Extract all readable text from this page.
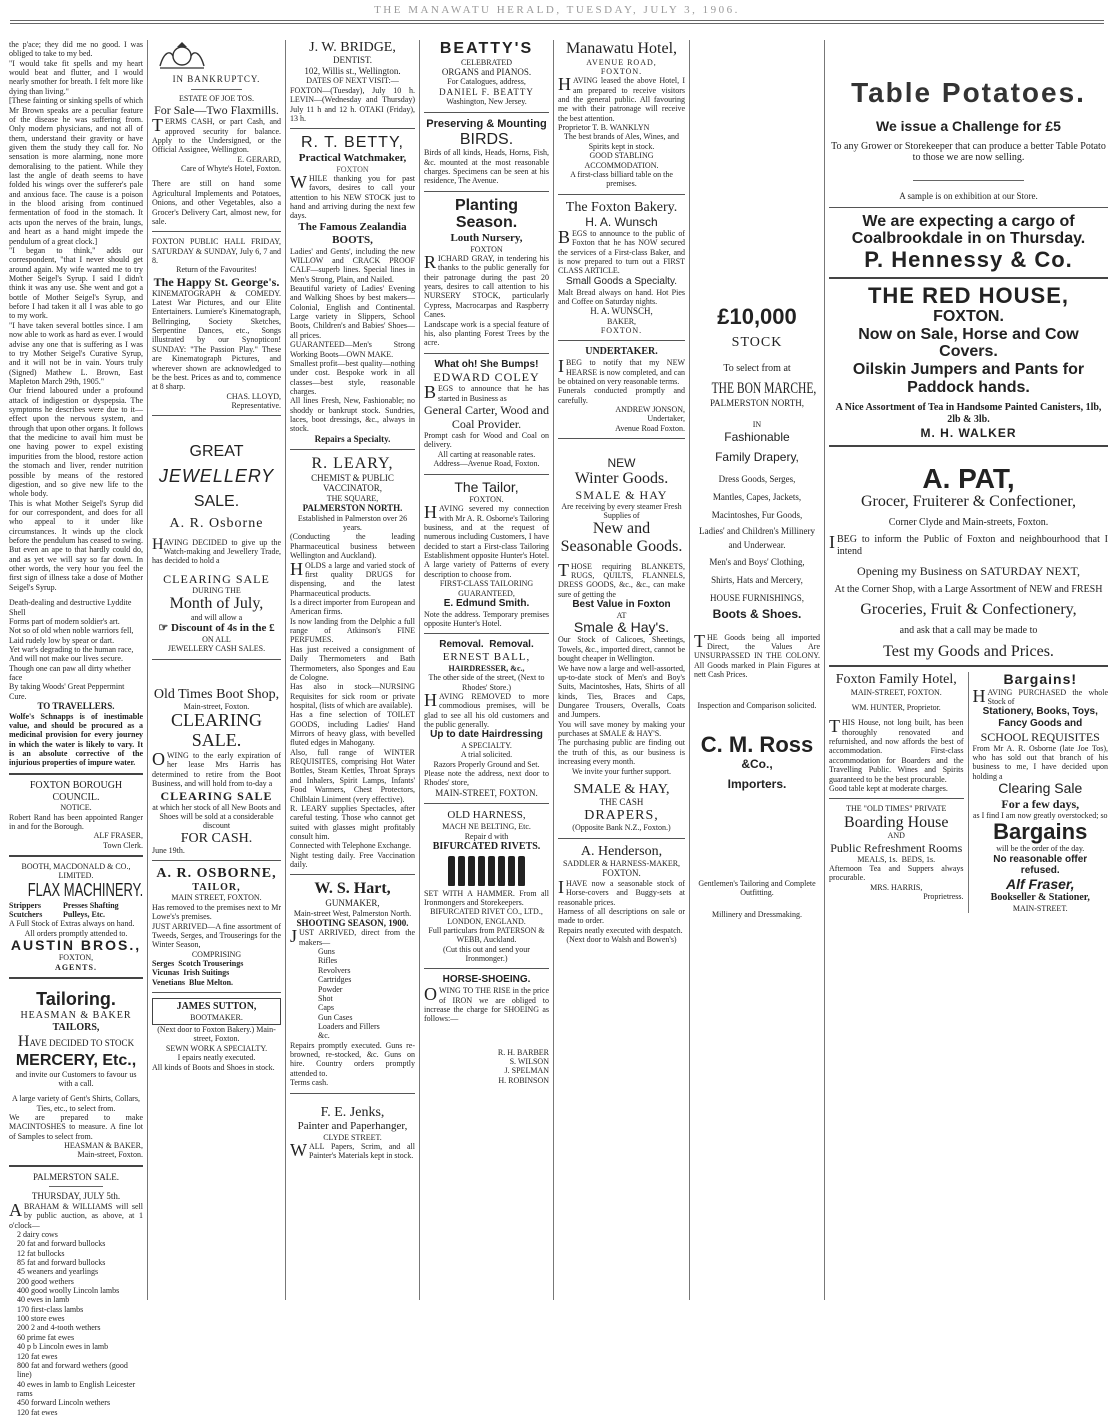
THE MANAWATU HERALD, TUESDAY, JULY 3, 1906.

the p'ace; they did me no good. I was obliged to take to my bed.

"I would take fit spells and my heart would beat and flutter, and I would nearly smother for breath. I felt more like dying than living."

[These fainting or sinking spells of which Mr Brown speaks are a peculiar feature of the disease he was suffering from. Only modern physicians, and not all of them, understand their gravity or have given them the study they call for. No sensation is more alarming, none more demoralising to the patient. While they last the angle of death seems to have folded his wings over the sufferer's pale and anxious face. The cause is a poison in the blood arising from continued fermentation of food in the stomach. It acts upon the nerves of the brain, lungs, and heart as a hand might impede the pendulum of a great clock.]

"I began to think," adds our correspondent, "that I never should get around again. My wife wanted me to try Mother Seigel's Syrup. I said I didn't think it was any use. She went and got a bottle of Mother Seigel's Syrup, and before I had taken it all I was able to go to my work.

"I have taken several bottles since. I am now able to work as hard as ever. I would advise any one that is suffering as I was to try Mother Seigel's Curative Syrup, and it will not be in vain. Yours truly (Signed) Mathew L. Brown, East Mapleton March 29th, 1905."

Our friend laboured under a profound attack of indigestion or dyspepsia. The symptoms he describes were due to it—effect upon the nervous system, and through that upon other organs. It follows that the medicine to avail him must be one having power to expel existing impurities from the blood, restore action the stomach and liver, render nutrition possible by means of the restored digestion, and so give new life to the whole body.

This is what Mother Seigel's Syrup did for our correspondent, and does for all who appeal to it under like circumstances. It winds up the clock before the pendulum has ceased to swing. But even an ape to that hardly could do, and as yet we will say so far down. In other words, the very hour you feel the first sign of illness take a dose of Mother Seigel's Syrup.

Death-dealing and destructive Lyddite Shell
Forms part of modern soldier's art.
Not so of old when noble warriors fell,
Laid rudely low by spear or dart.
Yet war's degrading to the human race,
And will not make our lives secure.
Though one can paw all dirty whether face
By taking Woods' Great Peppermint Cure.
TO TRAVELLERS.

Wolfe's Schnapps is of inestimable value, and should be procured as a medicinal provision for every journey in which the water is likely to vary. It is an absolute corrective of the injurious properties of impure water.

FOXTON BOROUGH COUNCIL.
NOTICE.

Robert Rand has been appointed Ranger in and for the Borough.

ALF FRASER,
Town Clerk.
BOOTH, MACDONALD & CO., LIMITED.
FLAX MACHINERY.
Strippers Scutchers
Presses Shafting Pulleys, Etc.

A Full Stock of Extras always on hand.

All orders promptly attended to.

AUSTIN BROS.,
FOXTON,
AGENTS.
Tailoring.
HEASMAN & BAKER
TAILORS,
HAVE DECIDED TO STOCK
MERCERY, Etc.,

and invite our Customers to favour us with a call.

A large variety of Gent's Shirts, Collars, Ties, etc., to select from.

We are prepared to make MACINTOSHES to measure. A fine lot of Samples to select from.

HEASMAN & BAKER,
Main-street, Foxton.
PALMERSTON SALE.
THURSDAY, JULY 5th.

ABRAHAM & WILLIAMS will sell by public auction, as above, at 1 o'clock—

2 dairy cows
20 fat and forward bullocks
12 fat bullocks
85 fat and forward bullocks
45 weaners and yearlings
200 good wethers
400 good woolly Lincoln lambs
40 ewes in lamb
170 first-class lambs
100 store ewes
200 2 and 4-tooth wethers
60 prime fat ewes
40 p b Lincoln ewes in lamb
120 fat ewes
800 fat and forward wethers (good line)
40 ewes in lamb to English Leicester rams
450 forward Lincoln wethers
120 fat ewes
IN BANKRUPTCY.
ESTATE OF JOE TOS.
For Sale—Two Flaxmills.

TERMS CASH, or part Cash, and approved security for balance. Apply to the Undersigned, or the Official Assignee, Wellington.

E. GERARD,
Care of Whyte's Hotel, Foxton.

There are still on hand some Agricultural Implements and Potatoes, Onions, and other Vegetables, also a Grocer's Delivery Cart, almost new, for sale.

FOXTON PUBLIC HALL FRIDAY, SATURDAY & SUNDAY, July 6, 7 and 8.

Return of the Favourites!
The Happy St. George's.

KINEMATOGRAPH & COMEDY. Latest War Pictures, and our Elite Entertainers. Lumiere's Kinematograph, Bellringing, Society Sketches, Serpentine Dances, etc., Songs illustrated by our Synopticon! SUNDAY: "The Passion Play." These are Kinematograph Pictures, and wherever shown are acknowledged to be the best. Prices as and to, commence at 8 sharp.

CHAS. LLOYD,
Representative.
GREAT
JEWELLERY
SALE.
A. R. Osborne

HAVING DECIDED to give up the Watch-making and Jewellery Trade, has decided to hold a

CLEARING SALE
DURING THE
Month of July,
and will allow a
☞ Discount of 4s in the £
ON ALL
JEWELLERY CASH SALES.
Old Times Boot Shop,
Main-street, Foxton.
CLEARING SALE.

OWING to the early expiration of her lease Mrs Harris has determined to retire from the Boot Business, and will hold from to-day a

CLEARING SALE

at which her stock of all New Boots and Shoes will be sold at a considerable discount

FOR CASH.
June 19th.
A. R. OSBORNE,
TAILOR,
MAIN STREET, FOXTON.

Has removed to the premises next to Mr Lowe's's premises.

JUST ARRIVED—A fine assortment of Tweeds, Serges, and Trouserings for the Winter Season,

COMPRISING
Serges  Scotch Trouserings
Vicunas  Irish Suitings
Venetians  Blue Melton.
JAMES SUTTON,
BOOTMAKER.

(Next door to Foxton Bakery.) Main-street, Foxton.

SEWN WORK A SPECIALTY.
I epairs neatly executed.
All kinds of Boots and Shoes in stock.
J. W. BRIDGE,
DENTIST.
102, Willis st., Wellington.
DATES OF NEXT VISIT:—

FOXTON—(Tuesday), July 10 h. LEVIN—(Wednesday and Thursday) July 11 h and 12 h. OTAKI (Friday), 13 h.

R. T. BETTY,
Practical Watchmaker,
FOXTON

WHILE thanking you for past favors, desires to call your attention to his NEW STOCK just to hand and arriving during the next few days.

The Famous Zealandia BOOTS,

Ladies' and Gents', including the new WILLOW and CRACK PROOF CALF—superb lines. Special lines in Men's Strong, Plain, and Nailed.

Beautiful variety of Ladies' Evening and Walking Shoes by best makers—Colonial, English and Continental. Large variety in Slippers, School Boots, Children's and Babies' Shoes—all prices.

GUARANTEED—Men's Strong Working Boots—OWN MAKE.

Smallest profit—best quality—nothing under cost. Bespoke work in all classes—best style, reasonable charges.

All lines Fresh, New, Fashionable; no shoddy or bankrupt stock. Sundries, laces, boot dressings, &c., always in stock.

Repairs a Specialty.
R. LEARY,
CHEMIST & PUBLIC VACCINATOR,
THE SQUARE,
PALMERSTON NORTH.

Established in Palmerston over 26 years.

(Conducting the leading Pharmaceutical business between Wellington and Auckland).

HOLDS a large and varied stock of first quality DRUGS for dispensing, and the latest Pharmaceutical products.

Is a direct importer from European and American firms.

Is now landing from the Delphic a full range of Atkinson's FINE PERFUMES.

Has just received a consignment of Daily Thermometers and Bath Thermometers, also Sponges and Eau de Cologne.

Has also in stock—NURSING Requisites for sick room or private hospital, (lists of which are available).

Has a fine selection of TOILET GOODS, including Ladies' Hand Mirrors of heavy glass, with bevelled fluted edges in Mahogany.

Also, full range of WINTER REQUISITES, comprising Hot Water Bottles, Steam Kettles, Throat Sprays and Inhalers, Spirit Lamps, Infants' Food Warmers, Chest Protectors, Chilblain Liniment (very effective).

R. LEARY supplies Spectacles, after careful testing. Those who cannot get suited with glasses might profitably consult him.

Connected with Telephone Exchange.

Night testing daily. Free Vaccination daily.

W. S. Hart,
GUNMAKER,
Main-street West, Palmerston North.
SHOOTING SEASON, 1900.

JUST ARRIVED, direct from the makers—

Guns
Rifles
Revolvers
Cartridges
Powder
Shot
Caps
Gun Cases
Loaders and Fillers
&c.

Repairs promptly executed. Guns re-browned, re-stocked, &c. Guns on hire. Country orders promptly attended to.

Terms cash.
F. E. Jenks,
Painter and Paperhanger,
CLYDE STREET.

WALL Papers, Scrim, and all Painter's Materials kept in stock.

BEATTY'S
CELEBRATED
ORGANS and PIANOS.
For Catalogues, address,
DANIEL F. BEATTY
Washington, New Jersey.
Preserving & Mounting
BIRDS.

Birds of all kinds, Heads, Horns, Fish, &c. mounted at the most reasonable charges. Specimens can be seen at his residence, The Avenue.

Planting Season.
Louth Nursery,
FOXTON

RICHARD GRAY, in tendering his thanks to the public generally for their patronage during the past 20 years, desires to call attention to his NURSERY STOCK, particularly Cypress, Macrocarpas and Raspberry Canes.

Landscape work is a special feature of his, also planting Forest Trees by the acre.

What oh! She Bumps!
EDWARD COLEY

BEGS to announce that he has started in Business as

General Carter, Wood and Coal Provider.

Prompt cash for Wood and Coal on delivery.

All carting at reasonable rates.

Address—Avenue Road, Foxton.

The Tailor,
FOXTON.

HAVING severed my connection with Mr A. R. Osborne's Tailoring business, and at the request of numerous including Customers, I have decided to start a First-class Tailoring Establishment opposite Hunter's Hotel.

A large variety of Patterns of every description to choose from.

FIRST-CLASS TAILORING GUARANTEED,
E. Edmund Smith.

Note the address. Temporary premises opposite Hunter's Hotel.

Removal.  Removal.
ERNEST BALL,
HAIRDRESSER, &c.,

The other side of the street, (Next to Rhodes' Store.)

HAVING REMOVED to more commodious premises, will be glad to see all his old customers and the public generally.

Up to date Hairdressing
A SPECIALTY.
A trial solicited.
Razors Properly Ground and Set.

Please note the address, next door to Rhodes' store,

MAIN-STREET, FOXTON.
OLD HARNESS,
MACH NE BELTING, Etc.
Repair d with
BIFURCATED RIVETS.

SET WITH A HAMMER. From all Ironmongers and Storekeepers.

BIFURCATED RIVET CO., LTD., LONDON, ENGLAND.

Full particulars from PATERSON & WEBB, Auckland.

(Cut this out and send your Ironmonger.)

HORSE-SHOEING.

OWING TO THE RISE in the price of IRON we are obliged to increase the charge for SHOEING as follows:—

R. H. BARBER
S. WILSON
J. SPELMAN
H. ROBINSON
Manawatu Hotel,
AVENUE ROAD,
FOXTON.

HAVING leased the above Hotel, I am prepared to receive visitors and the general public. All favouring me with their patronage will receive the best attention.

Proprietor T. B. WANKLYN

The best brands of Ales, Wines, and Spirits kept in stock.

GOOD STABLING ACCOMMODATION.

A first-class billiard table on the premises.

The Foxton Bakery.
H. A. Wunsch

BEGS to announce to the public of Foxton that he has NOW secured the services of a First-class Baker, and is now prepared to turn out a FIRST CLASS ARTICLE.

Small Goods a Specialty.

Malt Bread always on hand. Hot Pies and Coffee on Saturday nights.

H. A. WUNSCH,
BAKER,
FOXTON.
UNDERTAKER.

IBEG to notify that my NEW HEARSE is now completed, and can be obtained on very reasonable terms.

Funerals conducted promptly and carefully.

ANDREW JONSON,
Undertaker,
Avenue Road Foxton.
NEW
Winter Goods.
SMALE & HAY

Are receiving by every steamer Fresh Supplies of

New and Seasonable Goods.

THOSE requiring BLANKETS, RUGS, QUILTS, FLANNELS, DRESS GOODS, &c., &c., can make sure of getting the

Best Value in Foxton
AT
Smale & Hay's.

Our Stock of Calicoes, Sheetings, Towels, &c., imported direct, cannot be bought cheaper in Wellington.

We have now a large and well-assorted, up-to-date stock of Men's and Boy's Suits, Macintoshes, Hats, Shirts of all kinds, Ties, Braces and Caps, Dungaree Trousers, Overalls, Coats and Jumpers.

You will save money by making your purchases at SMALE & HAY'S.

The purchasing public are finding out the truth of this, as our business is increasing every month.

We invite your further support.

SMALE & HAY,
THE CASH
DRAPERS,

(Opposite Bank N.Z., Foxton.)

A. Henderson,
SADDLER & HARNESS-MAKER,
FOXTON.

IHAVE now a seasonable stock of Horse-covers and Buggy-sets at reasonable prices.

Harness of all descriptions on sale or made to order.

Repairs neatly executed with despatch.

(Next door to Walsh and Bowen's)

£10,000
STOCK
To select from at
THE BON MARCHE,
PALMERSTON NORTH,
IN
Fashionable
Family Drapery,
Dress Goods, Serges,
Mantles, Capes, Jackets,
Macintoshes, Fur Goods,
Ladies' and Children's Millinery and Underwear.
Men's and Boys' Clothing,
Shirts, Hats and Mercery,
HOUSE FURNISHINGS,
Boots & Shoes.

THE Goods being all imported Direct, the Values Are UNSURPASSED IN THE COLONY. All Goods marked in Plain Figures at nett Cash Prices.

Inspection and Comparison solicited.

C. M. Ross
&Co.,
Importers.

Gentlemen's Tailoring and Complete Outfitting.

Millinery and Dressmaking.

Table Potatoes.
We issue a Challenge for £5

To any Grower or Storekeeper that can produce a better Table Potato to those we are now selling.

A sample is on exhibition at our Store.

We are expecting a cargo of Coalbrookdale in on Thursday.
P. Hennessy & Co.
THE RED HOUSE,
FOXTON.
Now on Sale, Horse and Cow Covers.
Oilskin Jumpers and Pants for Paddock hands.

A Nice Assortment of Tea in Handsome Painted Canisters, 1lb, 2lb & 3lb.

M. H. WALKER
A. PAT,
Grocer, Fruiterer & Confectioner,
Corner Clyde and Main-streets, Foxton.

IBEG to inform the Public of Foxton and neighbourhood that I intend

Opening my Business on SATURDAY NEXT,

At the Corner Shop, with a Large Assortment of NEW and FRESH

Groceries, Fruit & Confectionery,
and ask that a call may be made to
Test my Goods and Prices.
Foxton Family Hotel,
MAIN-STREET, FOXTON.
WM. HUNTER, Proprietor.

THIS House, not long built, has been thoroughly renovated and refurnished, and now affords the best of accommodation. First-class accommodation for Boarders and the Travelling Public. Wines and Spirits guaranteed to be the best procurable.

Good table kept at moderate charges.

THE "OLD TIMES" PRIVATE
Boarding House
AND
Public Refreshment Rooms
MEALS, 1s.  BEDS, 1s.

Afternoon Tea and Suppers always procurable.

MRS. HARRIS,
Proprietress.
Bargains!

HAVING PURCHASED the whole Stock of

Stationery, Books, Toys, Fancy Goods and
SCHOOL REQUISITES

From Mr A. R. Osborne (late Joe Tos), who has sold out that branch of his business to me, I have decided upon holding a

Clearing Sale
For a few days,

as I find I am now greatly overstocked; so

Bargains

will be the order of the day.

No reasonable offer refused.
Alf Fraser,
Bookseller & Stationer,
MAIN-STREET.
